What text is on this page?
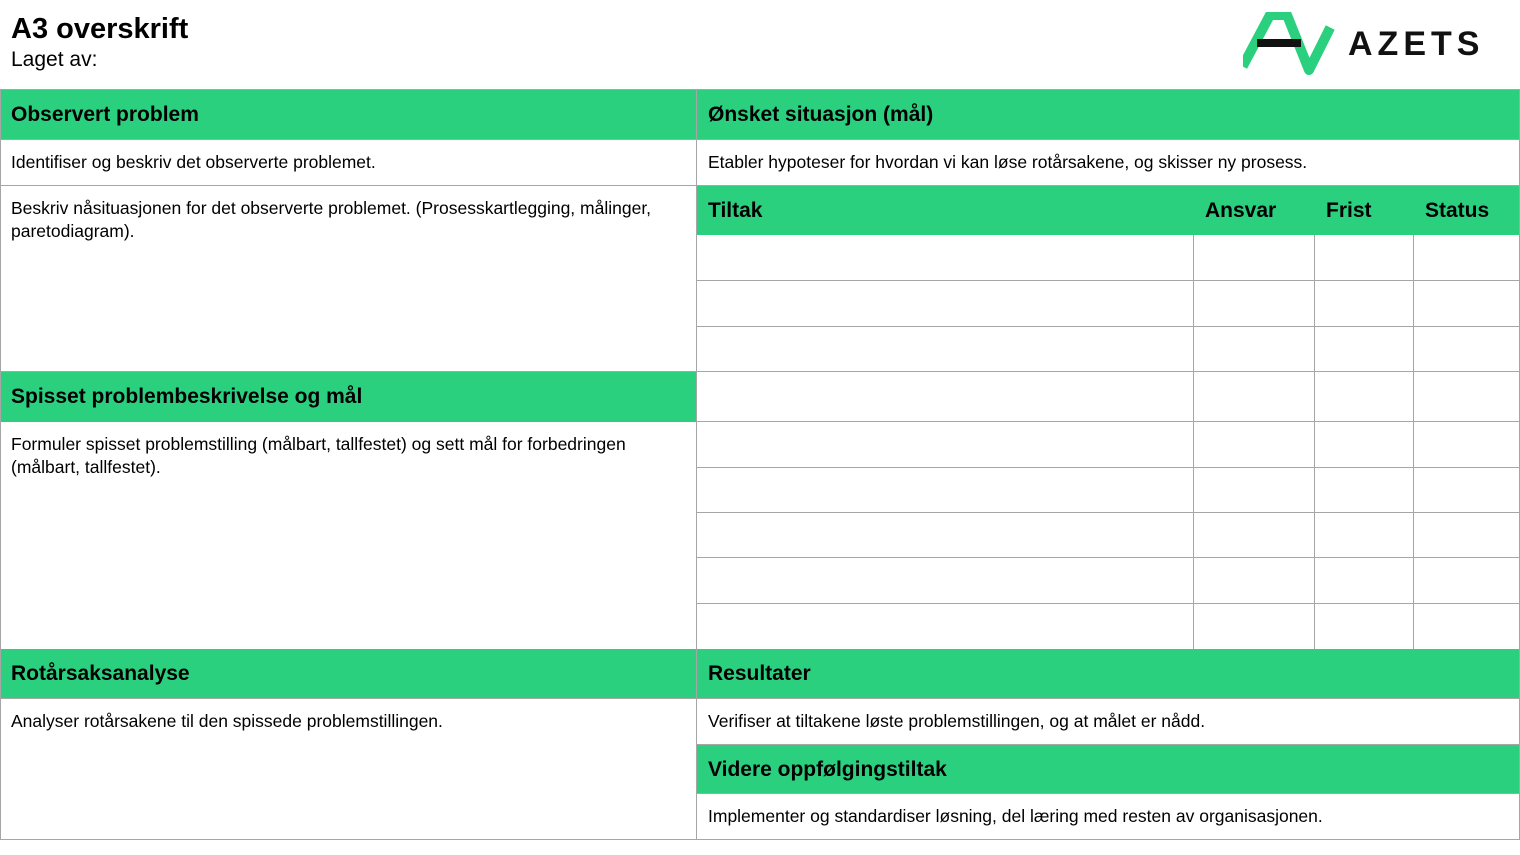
A3 overskrift
Laget av:	AZETS
Observert problem
Identifiser og beskriv det observerte problemet.
Beskriv nåsituasjonen for det observerte problemet. (Prosesskartlegging, målinger, paretodiagram).
Spisset problembeskrivelse og mål
Formuler spisset problemstilling (målbart, tallfestet) og sett mål for forbedringen (målbart, tallfestet).
Rotårsaksanalyse
Analyser rotårsakene til den spissede problemstillingen.
Ønsket situasjon (mål)
Etabler hypoteser for hvordan vi kan løse rotårsakene, og skisser ny prosess.
Tiltak	Ansvar	Frist	Status
Resultater
Verifiser at tiltakene løste problemstillingen, og at målet er nådd.
Videre oppfølgingstiltak
Implementer og standardiser løsning, del læring med resten av organisasjonen.
